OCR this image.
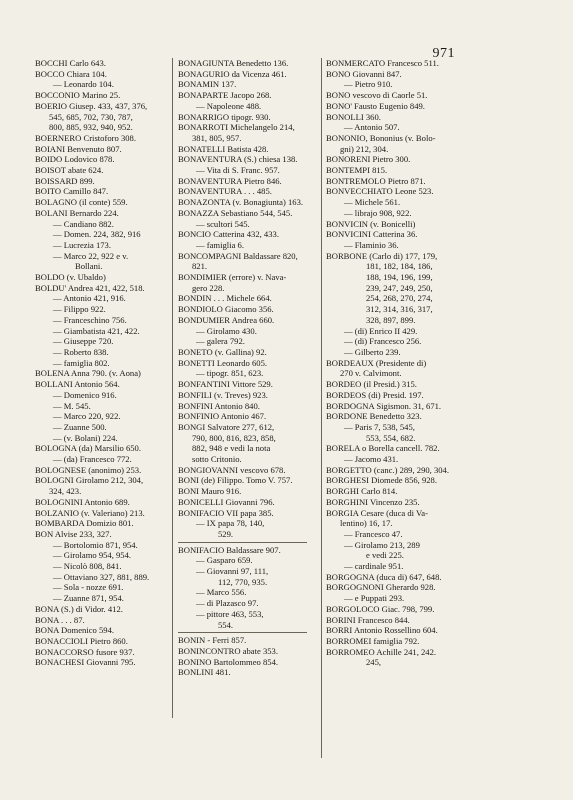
971
BOCCHI Carlo 643.
BOCCO Chiara 104.
— Leonardo 104.
BOCCONIO Marino 25.
BOERIO Giusep. 433, 437, 376,
545, 685, 702, 730, 787,
800, 885, 932, 940, 952.
BOERNERO Cristoforo 308.
BOIANI Benvenuto 807.
BOIDO Lodovico 878.
BOISOT abate 624.
BOISSARD 899.
BOITO Camillo 847.
BOLAGNO (il conte) 559.
BOLANI Bernardo 224.
— Candiano 882.
— Domen. 224, 382, 916
— Lucrezia 173.
— Marco 22, 922 e v.
Bollani.
BOLDO (v. Ubaldo)
BOLDU' Andrea 421, 422, 518.
— Antonio 421, 916.
— Filippo 922.
— Franceschino 756.
— Giambatista 421, 422.
— Giuseppe 720.
— Roberto 838.
— famiglia 802.
BOLENA Anna 790. (v. Aona)
BOLLANI Antonio 564.
— Domenico 916.
— M. 545.
— Marco 220, 922.
— Zuanne 500.
— (v. Bolani) 224.
BOLOGNA (da) Marsilio 650.
— (da) Francesco 772.
BOLOGNESE (anonimo) 253.
BOLOGNI Girolamo 212, 304,
324, 423.
BOLOGNINI Antonio 689.
BOLZANIO (v. Valeriano) 213.
BOMBARDA Domizio 801.
BON Alvise 233, 327.
— Bortolomio 871, 954.
— Girolamo 954, 954.
— Nicolò 808, 841.
— Ottaviano 327, 881, 889.
— Sola - nozze 691.
— Zuanne 871, 954.
BONA (S.) di Vidor. 412.
BONA . . . 87.
BONA Domenico 594.
BONACCIOLI Pietro 860.
BONACCORSO fusore 937.
BONACHESI Giovanni 795.
BONAGIUNTA Benedetto 136.
BONAGURIO da Vicenza 461.
BONAMIN 137.
BONAPARTE Jacopo 268.
— Napoleone 488.
BONARRIGO tipogr. 930.
BONARROTI Michelangelo 214,
381, 805, 957.
BONATELLI Batista 428.
BONAVENTURA (S.) chiesa 138.
— Vita di S. Franc. 957.
BONAVENTURA Pietro 846.
BONAVENTURA . . . 485.
BONAZONTA (v. Bonagiunta) 163.
BONAZZA Sebastiano 544, 545.
— scultori 545.
BONCIO Catterina 432, 433.
— famiglia 6.
BONCOMPAGNI Baldassare 820,
821.
BONDIMIER (errore) v. Nava-
gero 228.
BONDIN . . . Michele 664.
BONDIOLO Giacomo 356.
BONDUMIER Andrea 660.
— Girolamo 430.
— galera 792.
BONETO (v. Gallina) 92.
BONETTI Leonardo 605.
— tipogr. 851, 623.
BONFANTINI Vittore 529.
BONFILI (v. Treves) 923.
BONFINI Antonio 840.
BONFINIO Antonio 467.
BONGI Salvatore 277, 612,
790, 800, 816, 823, 858,
882, 948 e vedi la nota
sotto Critonio.
BONGIOVANNI vescovo 678.
BONI (de) Filippo. Tomo V. 757.
BONI Mauro 916.
BONICELLI Giovanni 796.
BONIFACIO VII papa 385.
— IX papa 78, 140,
529.
BONIFACIO Baldassare 907.
— Gasparo 659.
— Giovanni 97, 111,
112, 770, 935.
— Marco 556.
— di Plazasco 97.
— pittore 463, 553,
554.
BONIN - Ferri 857.
BONINCONTRO abate 353.
BONINO Bartolommeo 854.
BONLINI 481.
BONMERCATO Francesco 511.
BONO Giovanni 847.
— Pietro 910.
BONO vescovo di Caorle 51.
BONO' Fausto Eugenio 849.
BONOLLI 360.
— Antonio 507.
BONONIO, Bononius (v. Bolo-
gni) 212, 304.
BONORENI Pietro 300.
BONTEMPI 815.
BONTREMOLO Pietro 871.
BONVECCHIATO Leone 523.
— Michele 561.
— librajo 908, 922.
BONVICIN (v. Bonicelli)
BONVICINI Catterina 36.
— Flaminio 36.
BORBONE (Carlo di) 177, 179,
181, 182, 184, 186,
188, 194, 196, 199,
239, 247, 249, 250,
254, 268, 270, 274,
312, 314, 316, 317,
328, 897, 899.
— (di) Enrico II 429.
— (di) Francesco 256.
— Gilberto 239.
BORDEAUX (Presidente di)
270 v. Calvimont.
BORDEO (il Presid.) 315.
BORDEOS (di) Presid. 197.
BORDOGNA Sigismon. 31, 671.
BORDONE Benedetto 323.
— Paris 7, 538, 545,
553, 554, 682.
BORELA o Borella cancell. 782.
— Jacomo 431.
BORGETTO (canc.) 289, 290, 304.
BORGHESI Diomede 856, 928.
BORGHI Carlo 814.
BORGHINI Vincenzo 235.
BORGIA Cesare (duca di Va-
lentino) 16, 17.
— Francesco 47.
— Girolamo 213, 289
e vedi 225.
— cardinale 951.
BORGOGNA (duca di) 647, 648.
BORGOGNONI Gherardo 928.
— e Puppati 293.
BORGOLOCO Giac. 798, 799.
BORINI Francesco 844.
BORRI Antonio Rossellino 604.
BORROMEI famiglia 792.
BORROMEO Achille 241, 242.
245,
